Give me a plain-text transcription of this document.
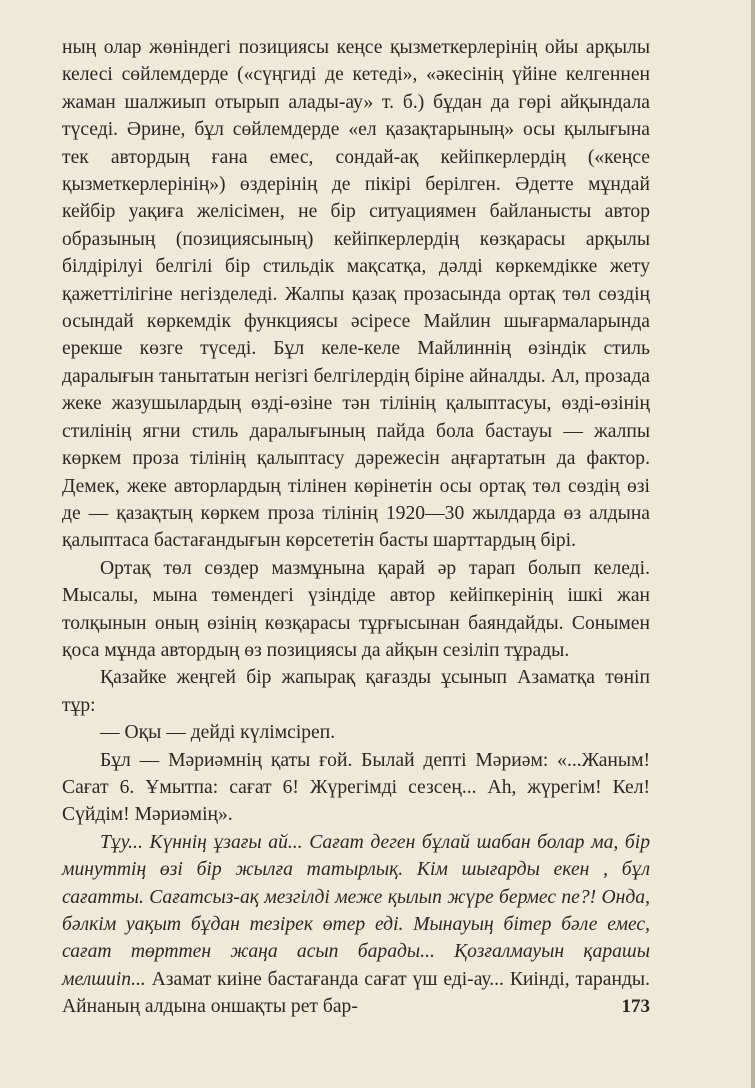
ның олар жөніндегі позициясы кеңсе қызметкерлерінің ойы арқылы келесі сөйлемдерде («сүңгиді де кетеді», «әкесінің үйіне келгеннен жаман шалжиып отырып алады-ау» т. б.) бұдан да гөрі айқындала түседі. Әрине, бұл сөйлемдерде «ел қазақтарының» осы қылығына тек автордың ғана емес, сондай-ақ кейіпкерлердің («кеңсе қызметкерлерінің») өздерінің де пікірі берілген. Әдетте мұндай кейбір уақиға желісімен, не бір ситуациямен байланысты автор образының (позициясының) кейіпкерлердің көзқарасы арқылы білдірілуі белгілі бір стильдік мақсатқа, дәлді көркемдікке жету қажеттілігіне негізделеді. Жалпы қазақ прозасында ортақ төл сөздің осындай көркемдік функциясы әсіресе Майлин шығармаларында ерекше көзге түседі. Бұл келе-келе Майлиннің өзіндік стиль даралығын танытатын негізгі белгілердің біріне айналды. Ал, прозада жеке жазушылардың өзді-өзіне тән тілінің қалыптасуы, өзді-өзінің стилінің ягни стиль даралығының пайда бола бастауы — жалпы көркем проза тілінің қалыптасу дәрежесін аңғартатын да фактор. Демек, жеке авторлардың тілінен көрінетін осы ортақ төл сөздің өзі де — қазақтың көркем проза тілінің 1920—30 жылдарда өз алдына қалыптаса бастағандығын көрсететін басты шарттардың бірі.

Ортақ төл сөздер мазмұнына қарай әр тарап болып келеді. Мысалы, мына төмендегі үзіндіде автор кейіпкерінің ішкі жан толқынын оның өзінің көзқарасы тұрғысынан баяндайды. Сонымен қоса мұнда автордың өз позициясы да айқын сезіліп тұрады.

Қазайке жеңгей бір жапырақ қағазды ұсынып Азаматқа төніп тұр:

— Оқы — дейді күлімсіреп.

Бұл — Мәриәмнің қаты ғой. Былай депті Мәриәм: «...Жаным! Сағат 6. Ұмытпа: сағат 6! Жүрегімді сезсең... Аh, жүрегім! Кел! Сүйдім! Мәриәмің».

Тұу... Күннің ұзағы ай... Сағат деген бұлай шабан болар ма, бір минуттің өзі бір жылға татырлық. Кім шығарды екен , бұл сағатты. Сағатсыз-ақ мезгілді меже қылып жүре бермес пе?! Онда, бәлкім уақыт бұдан тезірек өтер еді. Мынауың бітер бәле емес, сағат төрттен жаңа асып барады... Қозғалмауын қарашы мелшиіп... Азамат киіне бастағанда сағат үш еді-ау... Киінді, таранды. Айнаның алдына оншақты рет бар-	173
